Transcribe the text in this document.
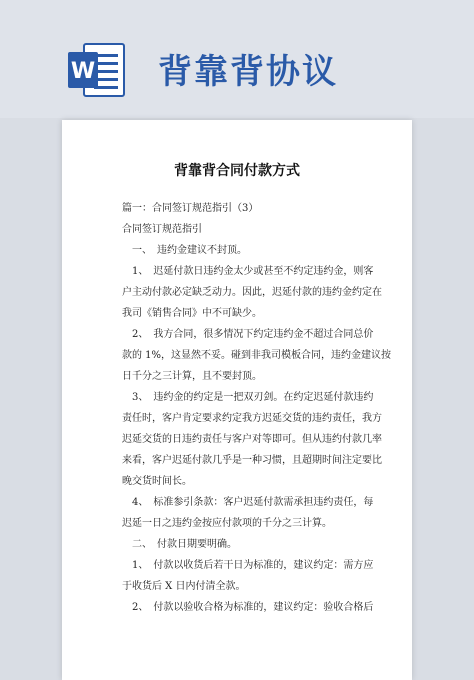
W 背靠背协议
背靠背合同付款方式
篇一：合同签订规范指引（3）
合同签订规范指引
一、　违约金建议不封顶。
1、　迟延付款日违约金太少或甚至不约定违约金，则客
户主动付款必定缺乏动力。因此，迟延付款的违约金约定在
我司《销售合同》中不可缺少。
2、　我方合同，很多情况下约定违约金不超过合同总价
款的 1%，这显然不妥。碰到非我司模板合同，违约金建议按
日千分之三计算，且不要封顶。
3、　违约金的约定是一把双刃剑。在约定迟延付款违约
责任时，客户肯定要求约定我方迟延交货的违约责任，我方
迟延交货的日违约责任与客户对等即可。但从违约付款几率
来看，客户迟延付款几乎是一种习惯，且超期时间注定要比
晚交货时间长。
4、　标准参引条款：客户迟延付款需承担违约责任，每
迟延一日之违约金按应付款项的千分之三计算。
二、　付款日期要明确。
1、　付款以收货后若干日为标准的，建议约定：需方应
于收货后 X 日内付清全款。
2、　付款以验收合格为标准的，建议约定：验收合格后
